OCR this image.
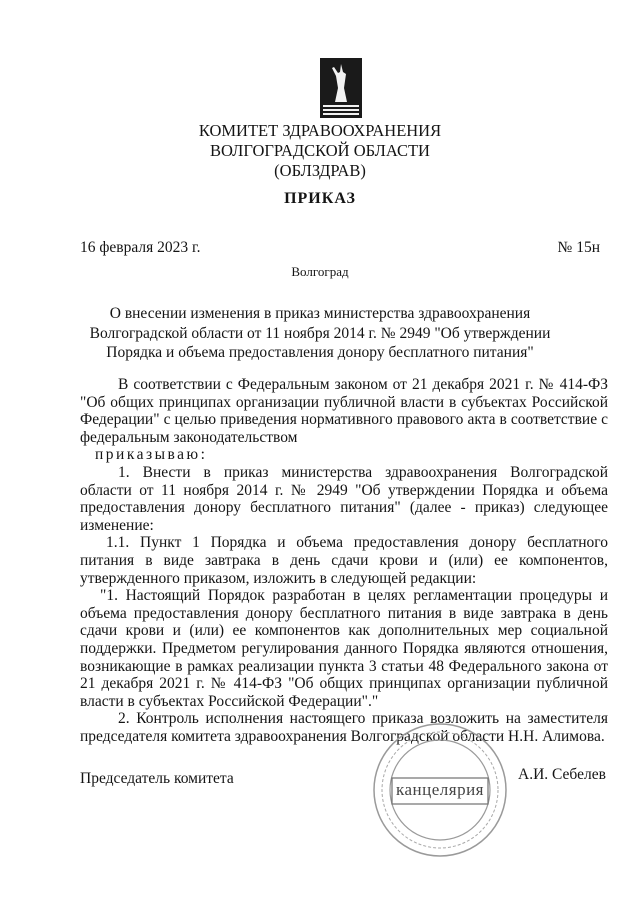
КОМИТЕТ ЗДРАВООХРАНЕНИЯ
ВОЛГОГРАДСКОЙ ОБЛАСТИ
(ОБЛЗДРАВ)
ПРИКАЗ
16 февраля 2023 г.	№ 15н
Волгоград
О внесении изменения в приказ министерства здравоохранения
Волгоградской области от 11 ноября 2014 г. № 2949 "Об утверждении
Порядка и объема предоставления донору бесплатного питания"

В соответствии с Федеральным законом от 21 декабря 2021 г. № 414-ФЗ "Об общих принципах организации публичной власти в субъектах Российской Федерации" с целью приведения нормативного правового акта в соответствие с федеральным законодательством

приказываю:

1. Внести в приказ министерства здравоохранения Волгоградской области от 11 ноября 2014 г. № 2949 "Об утверждении Порядка и объема предоставления донору бесплатного питания" (далее - приказ) следующее изменение:

1.1. Пункт 1 Порядка и объема предоставления донору бесплатного питания в виде завтрака в день сдачи крови и (или) ее компонентов, утвержденного приказом, изложить в следующей редакции:

"1. Настоящий Порядок разработан в целях регламентации процедуры и объема предоставления донору бесплатного питания в виде завтрака в день сдачи крови и (или) ее компонентов как дополнительных мер социальной поддержки. Предметом регулирования данного Порядка являются отношения, возникающие в рамках реализации пункта 3 статьи 48 Федерального закона от 21 декабря 2021 г. № 414-ФЗ "Об общих принципах организации публичной власти в субъектах Российской Федерации"."

2. Контроль исполнения настоящего приказа возложить на заместителя председателя комитета здравоохранения Волгоградской области Н.Н. Алимова.

Председатель комитета
канцелярия
А.И. Себелев
